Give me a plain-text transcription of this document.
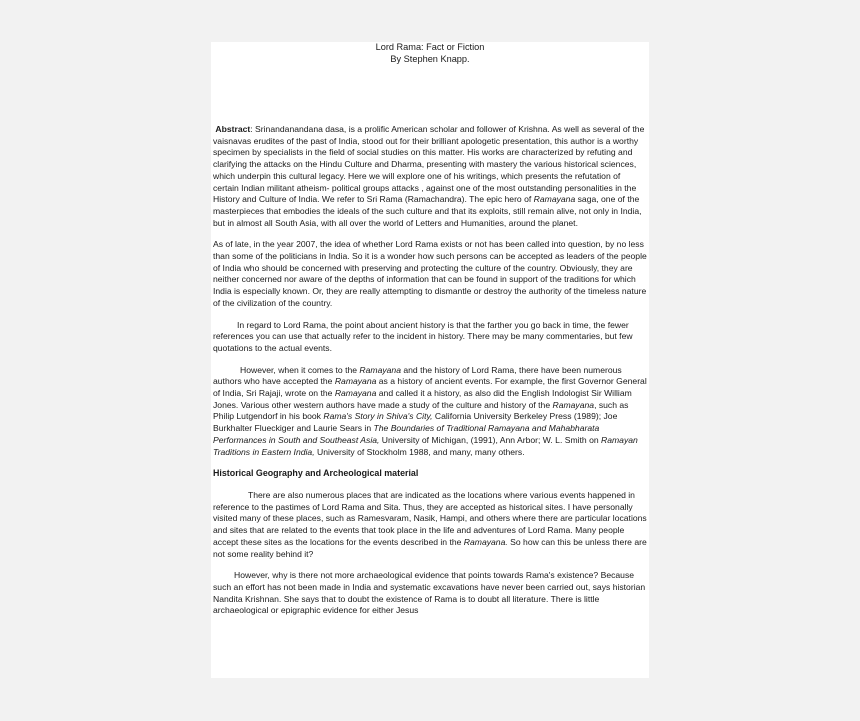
Lord Rama: Fact or Fiction
By Stephen Knapp.

Abstract: Srinandanandana dasa, is a prolific American scholar and follower of Krishna. As well as several of the vaisnavas erudites of the past of India, stood out for their brilliant apologetic presentation, this author is a worthy specimen by specialists in the field of social studies on this matter. His works are characterized by refuting and clarifying the attacks on the Hindu Culture and Dharma, presenting with mastery the various historical sciences, which underpin this cultural legacy. Here we will explore one of his writings, which presents the refutation of certain Indian militant atheism- political groups attacks , against one of the most outstanding personalities in the History and Culture of India. We refer to Sri Rama (Ramachandra). The epic hero of Ramayana saga, one of the masterpieces that embodies the ideals of the such culture and that its exploits, still remain alive, not only in India, but in almost all South Asia, with all over the world of Letters and Humanities, around the planet.

As of late, in the year 2007, the idea of whether Lord Rama exists or not has been called into question, by no less than some of the politicians in India. So it is a wonder how such persons can be accepted as leaders of the people of India who should be concerned with preserving and protecting the culture of the country. Obviously, they are neither concerned nor aware of the depths of information that can be found in support of the traditions for which India is especially known. Or, they are really attempting to dismantle or destroy the authority of the timeless nature of the civilization of the country.

In regard to Lord Rama, the point about ancient history is that the farther you go back in time, the fewer references you can use that actually refer to the incident in history. There may be many commentaries, but few quotations to the actual events.

However, when it comes to the Ramayana and the history of Lord Rama, there have been numerous authors who have accepted the Ramayana as a history of ancient events. For example, the first Governor General of India, Sri Rajaji, wrote on the Ramayana and called it a history, as also did the English Indologist Sir William Jones. Various other western authors have made a study of the culture and history of the Ramayana, such as Philip Lutgendorf in his book Rama's Story in Shiva's City, California University Berkeley Press (1989); Joe Burkhalter Flueckiger and Laurie Sears in The Boundaries of Traditional Ramayana and Mahabharata Performances in South and Southeast Asia, University of Michigan, (1991), Ann Arbor; W. L. Smith on Ramayan Traditions in Eastern India, University of Stockholm 1988, and many, many others.

Historical Geography and Archeological material

There are also numerous places that are indicated as the locations where various events happened in reference to the pastimes of Lord Rama and Sita. Thus, they are accepted as historical sites. I have personally visited many of these places, such as Ramesvaram, Nasik, Hampi, and others where there are particular locations and sites that are related to the events that took place in the life and adventures of Lord Rama. Many people accept these sites as the locations for the events described in the Ramayana. So how can this be unless there are not some reality behind it?

However, why is there not more archaeological evidence that points towards Rama's existence? Because such an effort has not been made in India and systematic excavations have never been carried out, says historian Nandita Krishnan. She says that to doubt the existence of Rama is to doubt all literature. There is little archaeological or epigraphic evidence for either Jesus
